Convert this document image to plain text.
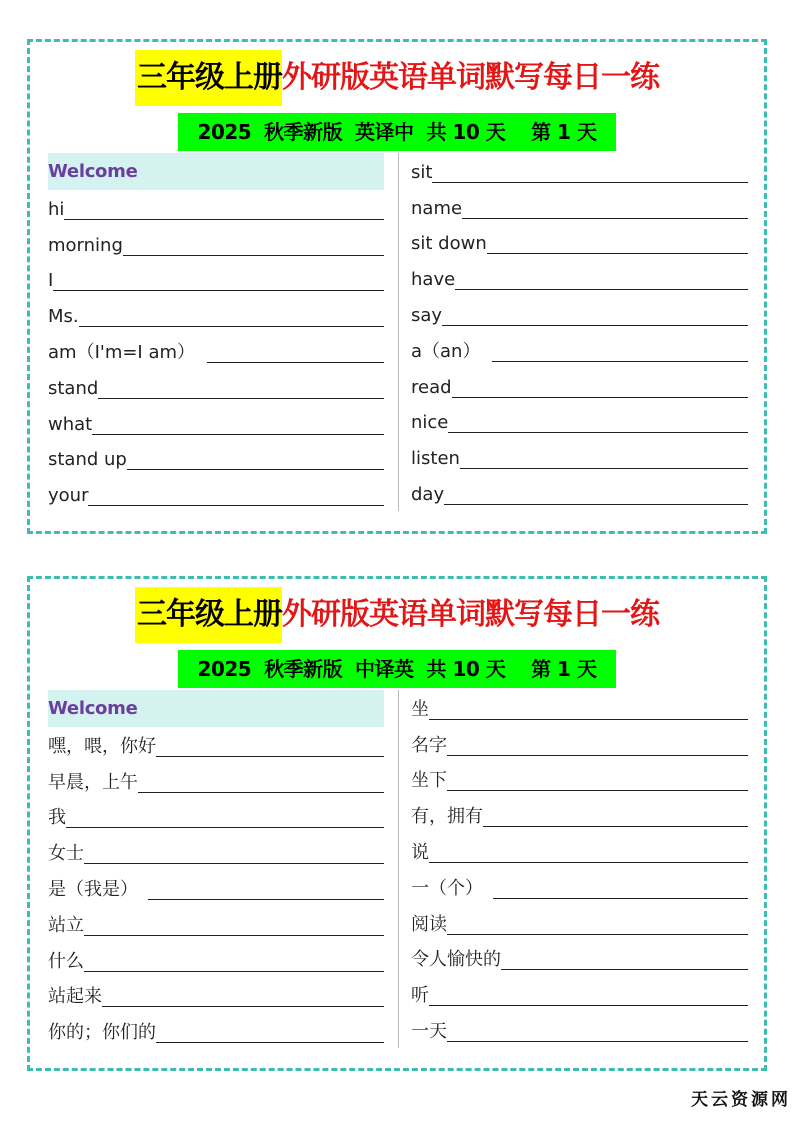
三年级上册外研版英语单词默写每日一练
2025  秋季新版  英译中  共 10 天    第 1 天
Welcome
hi
morning
I
Ms.
am（I'm=I am）
stand
what
stand up
your
sit
name
sit down
have
say
a（an）
read
nice
listen
day
三年级上册外研版英语单词默写每日一练
2025  秋季新版  中译英  共 10 天    第 1 天
Welcome
嘿，喂，你好
早晨，上午
我
女士
是（我是）
站立
什么
站起来
你的；你们的
坐
名字
坐下
有，拥有
说
一（个）
阅读
令人愉快的
听
一天
天云资源网
